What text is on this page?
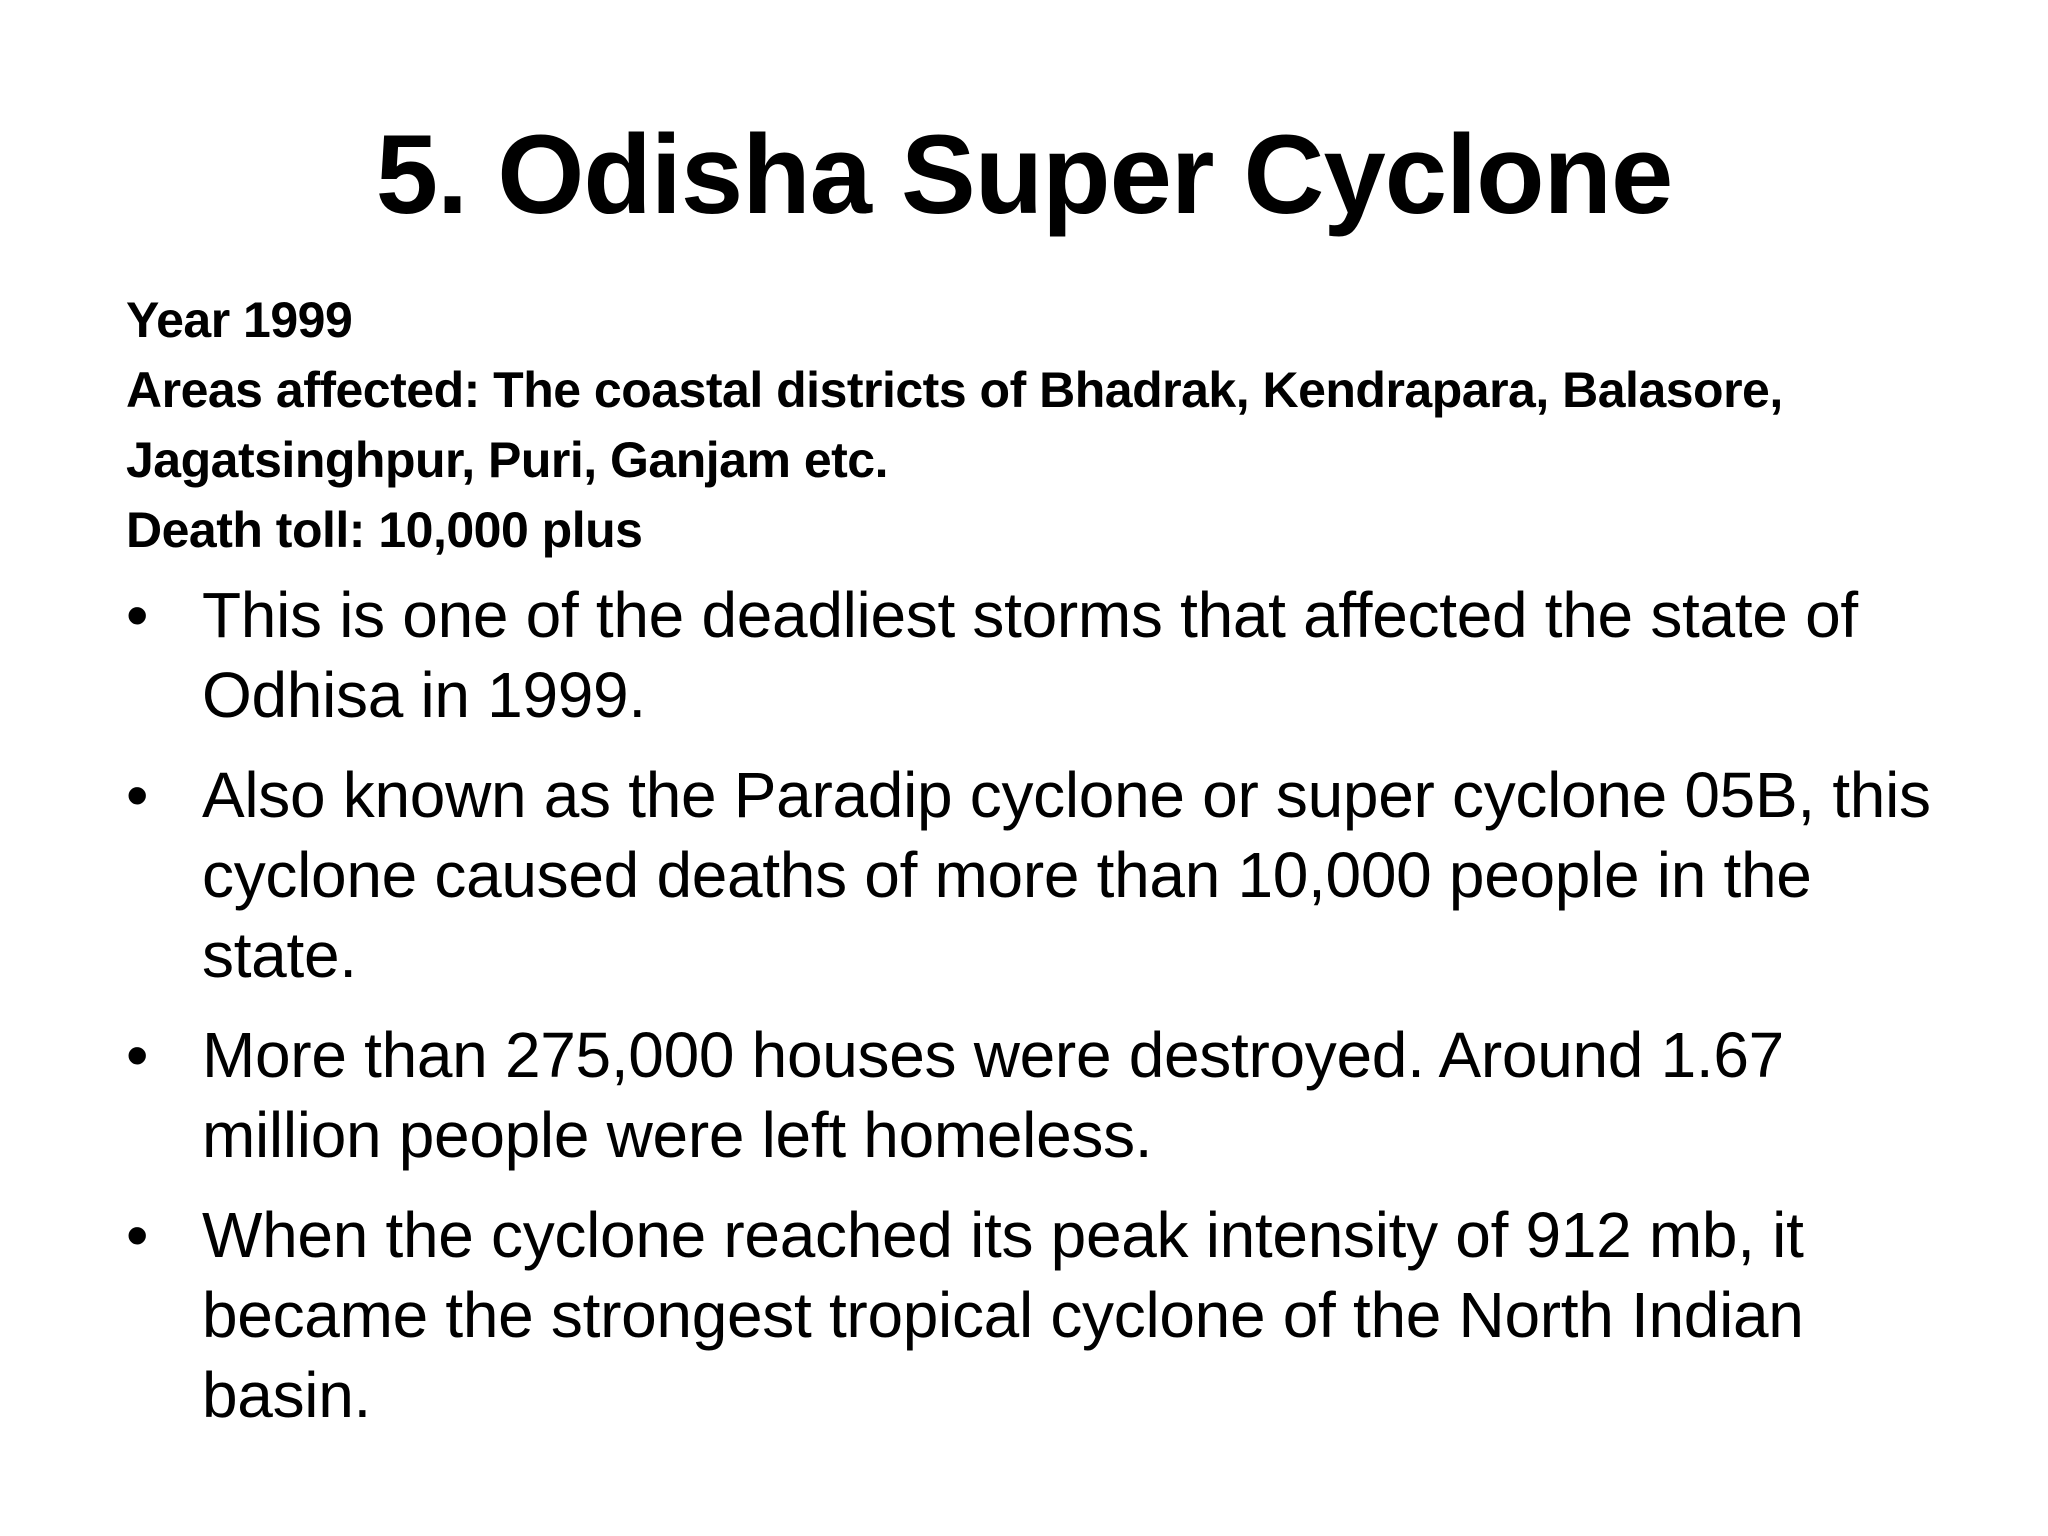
5. Odisha Super Cyclone
Year 1999
Areas affected: The coastal districts of Bhadrak, Kendrapara, Balasore,
Jagatsinghpur, Puri, Ganjam etc.
Death toll: 10,000 plus
• This is one of the deadliest storms that affected the state of Odhisa in 1999.
• Also known as the Paradip cyclone or super cyclone 05B, this cyclone caused deaths of more than 10,000 people in the state.
• More than 275,000 houses were destroyed. Around 1.67 million people were left homeless.
• When the cyclone reached its peak intensity of 912 mb, it became the strongest tropical cyclone of the North Indian basin.
